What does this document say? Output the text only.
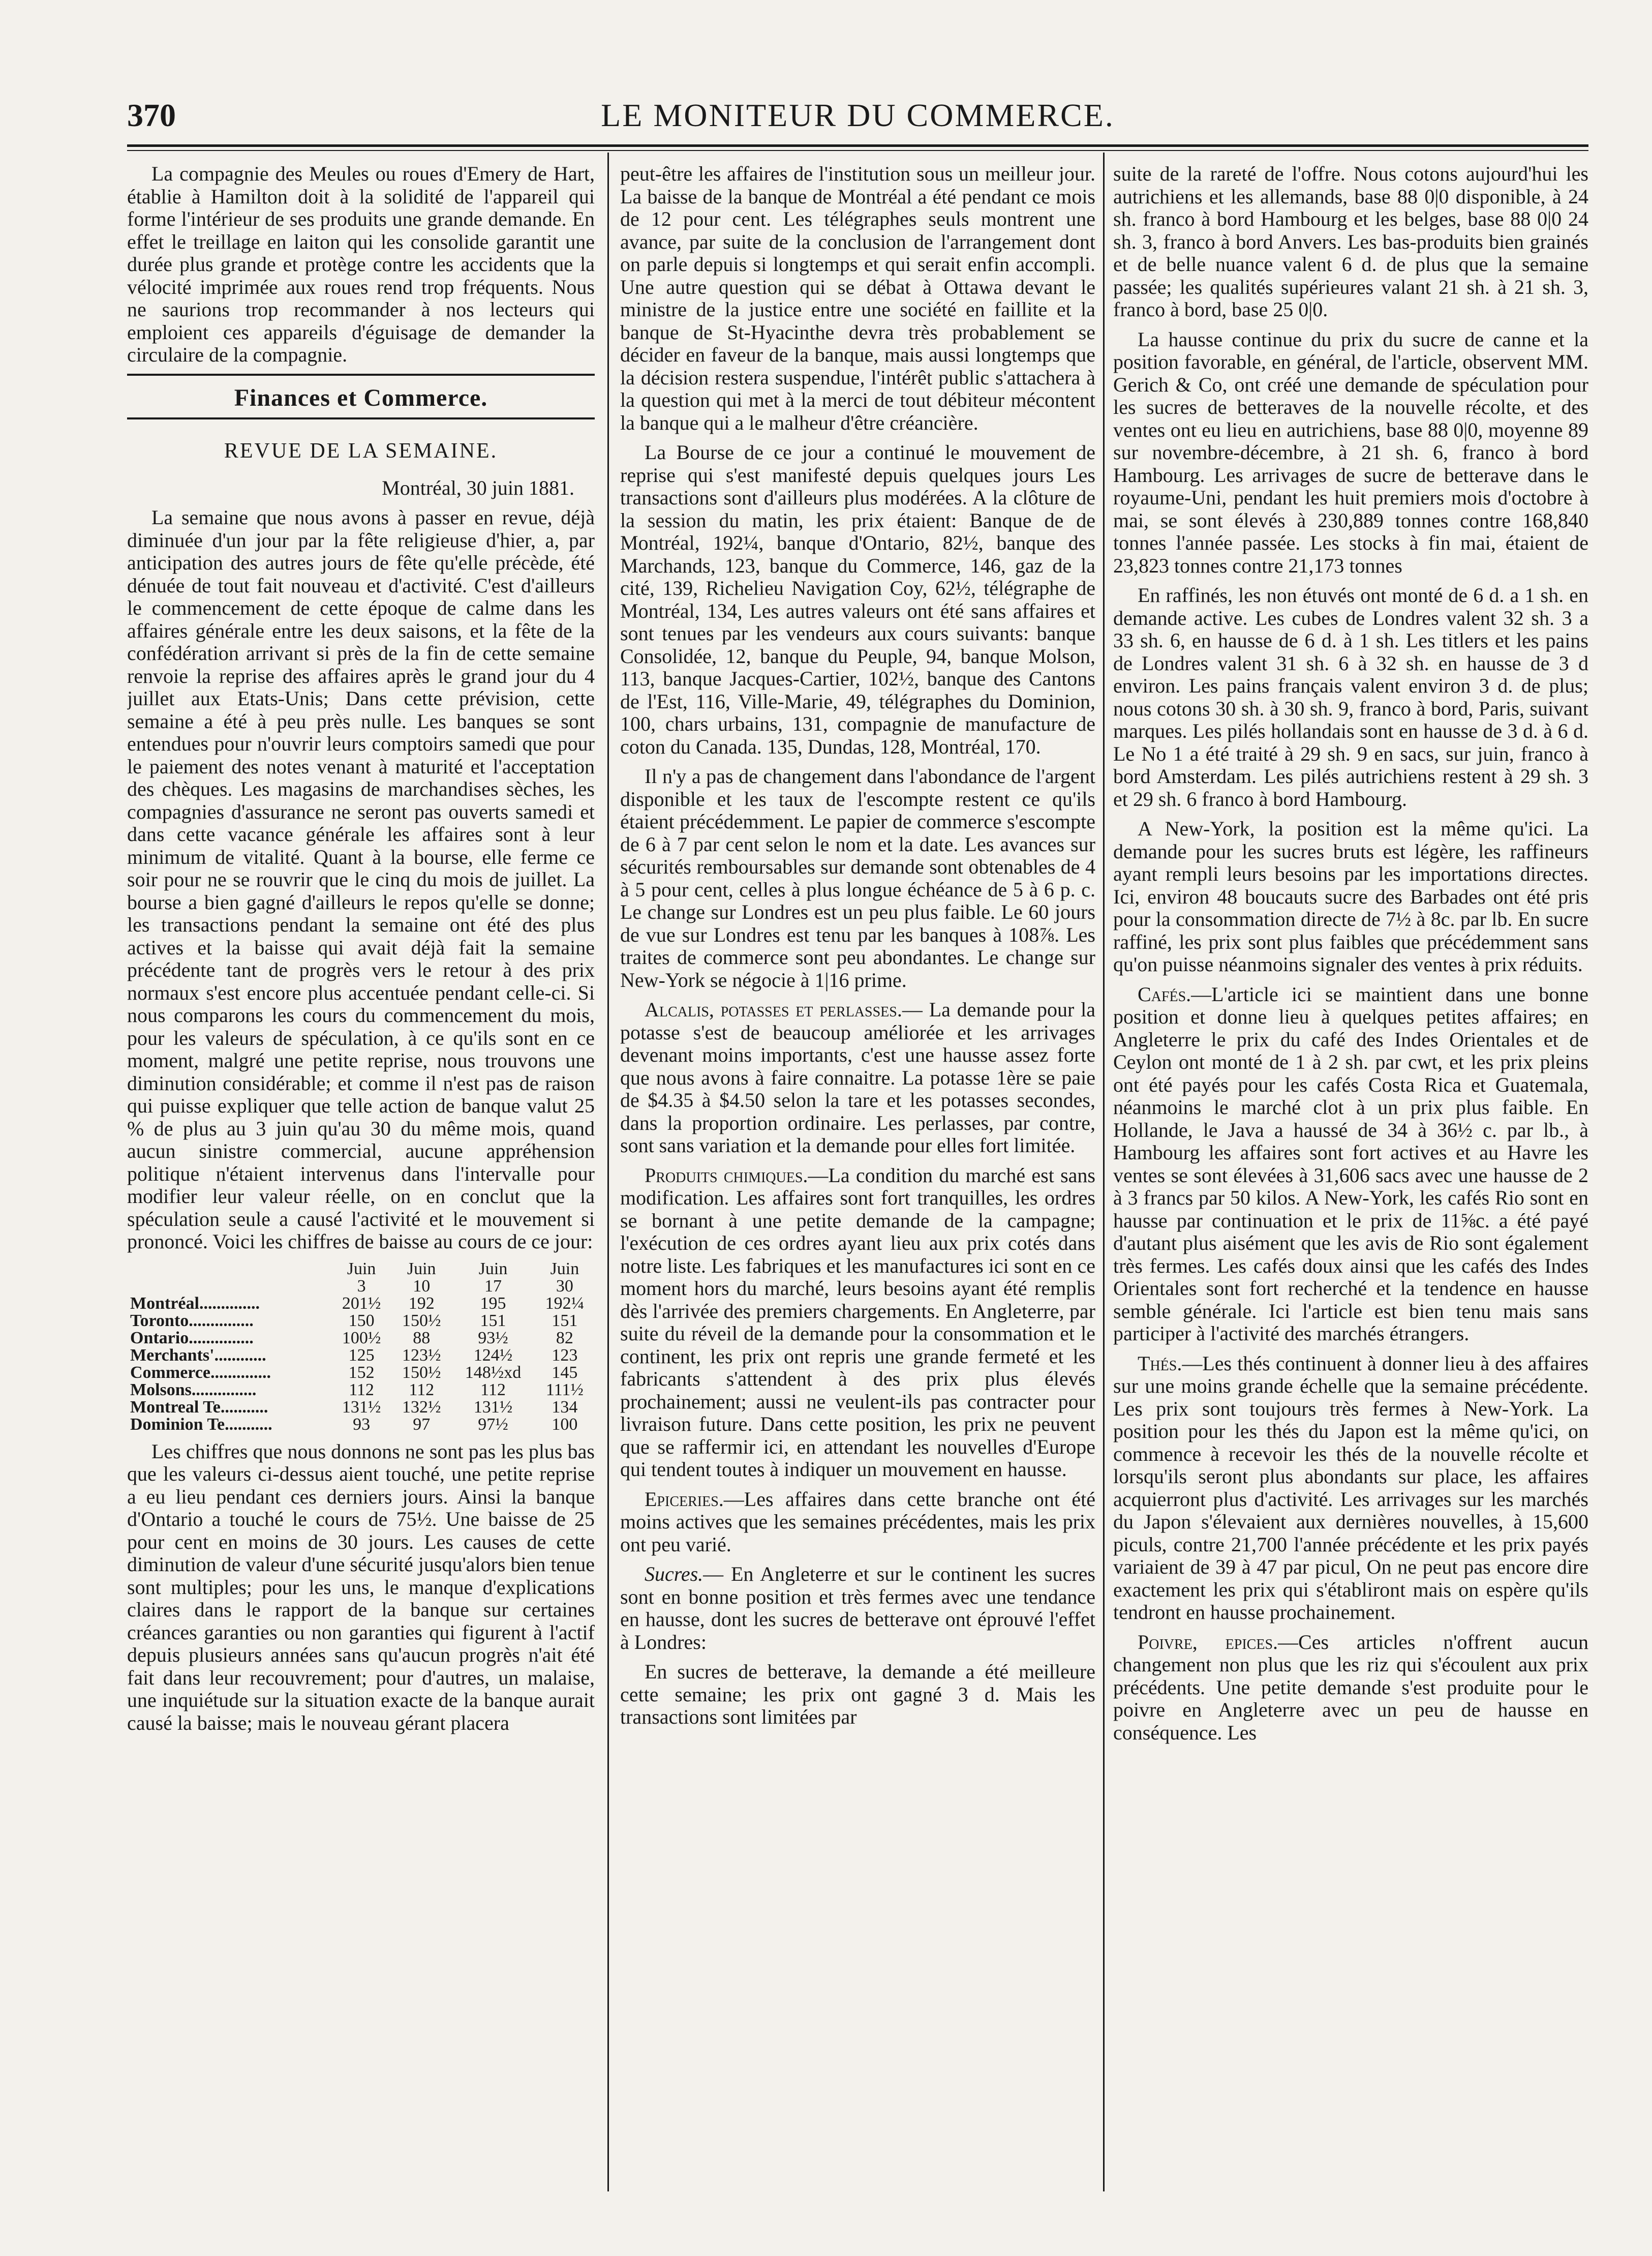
370	LE MONITEUR DU COMMERCE.

La compagnie des Meules ou roues d'Emery de Hart, établie à Hamilton doit à la solidité de l'appareil qui forme l'intérieur de ses produits une grande demande. En effet le treillage en laiton qui les consolide garantit une durée plus grande et protège contre les accidents que la vélocité imprimée aux roues rend trop fréquents. Nous ne saurions trop recommander à nos lecteurs qui emploient ces appareils d'éguisage de demander la circulaire de la compagnie.

Finances et Commerce.
REVUE DE LA SEMAINE.
Montréal, 30 juin 1881.

La semaine que nous avons à passer en revue, déjà diminuée d'un jour par la fête religieuse d'hier, a, par anticipation des autres jours de fête qu'elle précède, été dénuée de tout fait nouveau et d'activité. C'est d'ailleurs le commencement de cette époque de calme dans les affaires générale entre les deux saisons, et la fête de la confédération arrivant si près de la fin de cette semaine renvoie la reprise des affaires après le grand jour du 4 juillet aux Etats-Unis; Dans cette prévision, cette semaine a été à peu près nulle. Les banques se sont entendues pour n'ouvrir leurs comptoirs samedi que pour le paiement des notes venant à maturité et l'acceptation des chèques. Les magasins de marchandises sèches, les compagnies d'assurance ne seront pas ouverts samedi et dans cette vacance générale les affaires sont à leur minimum de vitalité. Quant à la bourse, elle ferme ce soir pour ne se rouvrir que le cinq du mois de juillet. La bourse a bien gagné d'ailleurs le repos qu'elle se donne; les transactions pendant la semaine ont été des plus actives et la baisse qui avait déjà fait la semaine précédente tant de progrès vers le retour à des prix normaux s'est encore plus accentuée pendant celle-ci. Si nous comparons les cours du commencement du mois, pour les valeurs de spéculation, à ce qu'ils sont en ce moment, malgré une petite reprise, nous trouvons une diminution considérable; et comme il n'est pas de raison qui puisse expliquer que telle action de banque valut 25 % de plus au 3 juin qu'au 30 du même mois, quand aucun sinistre commercial, aucune appréhension politique n'étaient intervenus dans l'intervalle pour modifier leur valeur réelle, on en conclut que la spéculation seule a causé l'activité et le mouvement si prononcé. Voici les chiffres de baisse au cours de ce jour:

	Juin	Juin	Juin	Juin
	3	10	17	30
Montréal..............	201½	192	195	192¼
Toronto...............	150	150½	151	151
Ontario...............	100½	88	93½	82
Merchants'............	125	123½	124½	123
Commerce..............	152	150½	148½xd	145
Molsons...............	112	112	112	111½
Montreal Te...........	131½	132½	131½	134
Dominion Te...........	93	97	97½	100

Les chiffres que nous donnons ne sont pas les plus bas que les valeurs ci-dessus aient touché, une petite reprise a eu lieu pendant ces derniers jours. Ainsi la banque d'Ontario a touché le cours de 75½. Une baisse de 25 pour cent en moins de 30 jours. Les causes de cette diminution de valeur d'une sécurité jusqu'alors bien tenue sont multiples; pour les uns, le manque d'explications claires dans le rapport de la banque sur certaines créances garanties ou non garanties qui figurent à l'actif depuis plusieurs années sans qu'aucun progrès n'ait été fait dans leur recouvrement; pour d'autres, un malaise, une inquiétude sur la situation exacte de la banque aurait causé la baisse; mais le nouveau gérant placera

peut-être les affaires de l'institution sous un meilleur jour. La baisse de la banque de Montréal a été pendant ce mois de 12 pour cent. Les télégraphes seuls montrent une avance, par suite de la conclusion de l'arrangement dont on parle depuis si longtemps et qui serait enfin accompli. Une autre question qui se débat à Ottawa devant le ministre de la justice entre une société en faillite et la banque de St-Hyacinthe devra très probablement se décider en faveur de la banque, mais aussi longtemps que la décision restera suspendue, l'intérêt public s'attachera à la question qui met à la merci de tout débiteur mécontent la banque qui a le malheur d'être créancière.

La Bourse de ce jour a continué le mouvement de reprise qui s'est manifesté depuis quelques jours Les transactions sont d'ailleurs plus modérées. A la clôture de la session du matin, les prix étaient: Banque de de Montréal, 192¼, banque d'Ontario, 82½, banque des Marchands, 123, banque du Commerce, 146, gaz de la cité, 139, Richelieu Navigation Coy, 62½, télégraphe de Montréal, 134, Les autres valeurs ont été sans affaires et sont tenues par les vendeurs aux cours suivants: banque Consolidée, 12, banque du Peuple, 94, banque Molson, 113, banque Jacques-Cartier, 102½, banque des Cantons de l'Est, 116, Ville-Marie, 49, télégraphes du Dominion, 100, chars urbains, 131, compagnie de manufacture de coton du Canada. 135, Dundas, 128, Montréal, 170.

Il n'y a pas de changement dans l'abondance de l'argent disponible et les taux de l'escompte restent ce qu'ils étaient précédemment. Le papier de commerce s'escompte de 6 à 7 par cent selon le nom et la date. Les avances sur sécurités remboursables sur demande sont obtenables de 4 à 5 pour cent, celles à plus longue échéance de 5 à 6 p. c. Le change sur Londres est un peu plus faible. Le 60 jours de vue sur Londres est tenu par les banques à 108⅞. Les traites de commerce sont peu abondantes. Le change sur New-York se négocie à 1|16 prime.

Alcalis, potasses et perlasses.— La demande pour la potasse s'est de beaucoup améliorée et les arrivages devenant moins importants, c'est une hausse assez forte que nous avons à faire connaitre. La potasse 1ère se paie de $4.35 à $4.50 selon la tare et les potasses secondes, dans la proportion ordinaire. Les perlasses, par contre, sont sans variation et la demande pour elles fort limitée.

Produits chimiques.—La condition du marché est sans modification. Les affaires sont fort tranquilles, les ordres se bornant à une petite demande de la campagne; l'exécution de ces ordres ayant lieu aux prix cotés dans notre liste. Les fabriques et les manufactures ici sont en ce moment hors du marché, leurs besoins ayant été remplis dès l'arrivée des premiers chargements. En Angleterre, par suite du réveil de la demande pour la consommation et le continent, les prix ont repris une grande fermeté et les fabricants s'attendent à des prix plus élevés prochainement; aussi ne veulent-ils pas contracter pour livraison future. Dans cette position, les prix ne peuvent que se raffermir ici, en attendant les nouvelles d'Europe qui tendent toutes à indiquer un mouvement en hausse.

Epiceries.—Les affaires dans cette branche ont été moins actives que les semaines précédentes, mais les prix ont peu varié.

Sucres.— En Angleterre et sur le continent les sucres sont en bonne position et très fermes avec une tendance en hausse, dont les sucres de betterave ont éprouvé l'effet à Londres:

En sucres de betterave, la demande a été meilleure cette semaine; les prix ont gagné 3 d. Mais les transactions sont limitées par

suite de la rareté de l'offre. Nous cotons aujourd'hui les autrichiens et les allemands, base 88 0|0 disponible, à 24 sh. franco à bord Hambourg et les belges, base 88 0|0 24 sh. 3, franco à bord Anvers. Les bas-produits bien grainés et de belle nuance valent 6 d. de plus que la semaine passée; les qualités supérieures valant 21 sh. à 21 sh. 3, franco à bord, base 25 0|0.

La hausse continue du prix du sucre de canne et la position favorable, en général, de l'article, observent MM. Gerich & Co, ont créé une demande de spéculation pour les sucres de betteraves de la nouvelle récolte, et des ventes ont eu lieu en autrichiens, base 88 0|0, moyenne 89 sur novembre-décembre, à 21 sh. 6, franco à bord Hambourg. Les arrivages de sucre de betterave dans le royaume-Uni, pendant les huit premiers mois d'octobre à mai, se sont élevés à 230,889 tonnes contre 168,840 tonnes l'année passée. Les stocks à fin mai, étaient de 23,823 tonnes contre 21,173 tonnes

En raffinés, les non étuvés ont monté de 6 d. a 1 sh. en demande active. Les cubes de Londres valent 32 sh. 3 a 33 sh. 6, en hausse de 6 d. à 1 sh. Les titlers et les pains de Londres valent 31 sh. 6 à 32 sh. en hausse de 3 d environ. Les pains français valent environ 3 d. de plus; nous cotons 30 sh. à 30 sh. 9, franco à bord, Paris, suivant marques. Les pilés hollandais sont en hausse de 3 d. à 6 d. Le No 1 a été traité à 29 sh. 9 en sacs, sur juin, franco à bord Amsterdam. Les pilés autrichiens restent à 29 sh. 3 et 29 sh. 6 franco à bord Hambourg.

A New-York, la position est la même qu'ici. La demande pour les sucres bruts est légère, les raffineurs ayant rempli leurs besoins par les importations directes. Ici, environ 48 boucauts sucre des Barbades ont été pris pour la consommation directe de 7½ à 8c. par lb. En sucre raffiné, les prix sont plus faibles que précédemment sans qu'on puisse néanmoins signaler des ventes à prix réduits.

Cafés.—L'article ici se maintient dans une bonne position et donne lieu à quelques petites affaires; en Angleterre le prix du café des Indes Orientales et de Ceylon ont monté de 1 à 2 sh. par cwt, et les prix pleins ont été payés pour les cafés Costa Rica et Guatemala, néanmoins le marché clot à un prix plus faible. En Hollande, le Java a haussé de 34 à 36½ c. par lb., à Hambourg les affaires sont fort actives et au Havre les ventes se sont élevées à 31,606 sacs avec une hausse de 2 à 3 francs par 50 kilos. A New-York, les cafés Rio sont en hausse par continuation et le prix de 11⅝c. a été payé d'autant plus aisément que les avis de Rio sont également très fermes. Les cafés doux ainsi que les cafés des Indes Orientales sont fort recherché et la tendence en hausse semble générale. Ici l'article est bien tenu mais sans participer à l'activité des marchés étrangers.

Thés.—Les thés continuent à donner lieu à des affaires sur une moins grande échelle que la semaine précédente. Les prix sont toujours très fermes à New-York. La position pour les thés du Japon est la même qu'ici, on commence à recevoir les thés de la nouvelle récolte et lorsqu'ils seront plus abondants sur place, les affaires acquierront plus d'activité. Les arrivages sur les marchés du Japon s'élevaient aux dernières nouvelles, à 15,600 piculs, contre 21,700 l'année précédente et les prix payés variaient de 39 à 47 par picul, On ne peut pas encore dire exactement les prix qui s'établiront mais on espère qu'ils tendront en hausse prochainement.

Poivre, epices.—Ces articles n'offrent aucun changement non plus que les riz qui s'écoulent aux prix précédents. Une petite demande s'est produite pour le poivre en Angleterre avec un peu de hausse en conséquence. Les
